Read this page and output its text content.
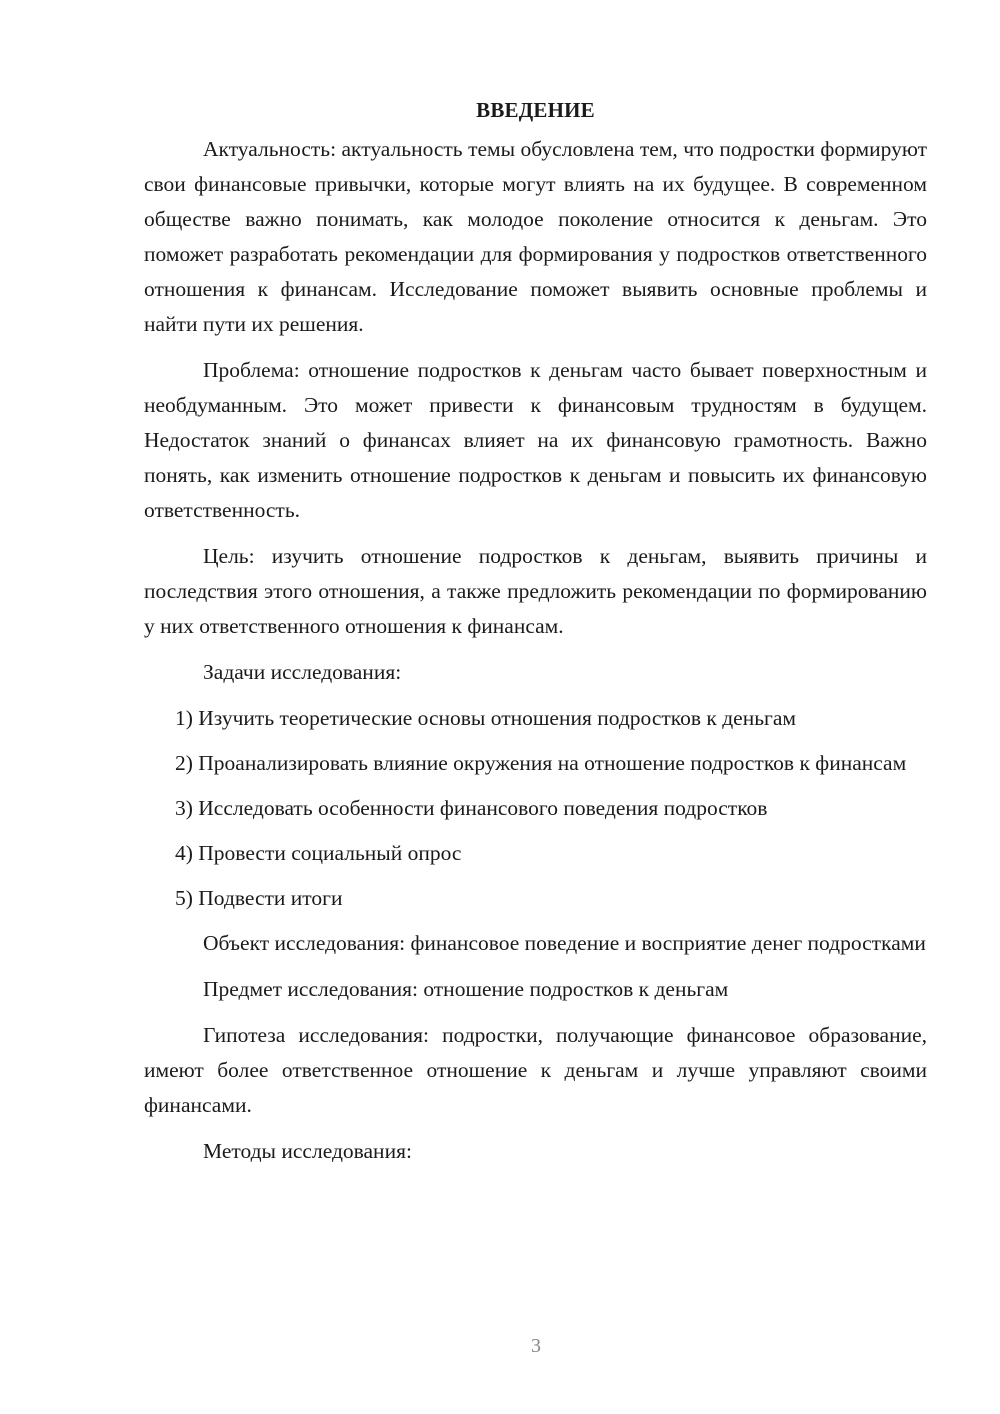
ВВЕДЕНИЕ

Актуальность: актуальность темы обусловлена тем, что подростки формируют свои финансовые привычки, которые могут влиять на их будущее. В современном обществе важно понимать, как молодое поколение относится к деньгам. Это поможет разработать рекомендации для формирования у подростков ответственного отношения к финансам. Исследование поможет выявить основные проблемы и найти пути их решения.

Проблема: отношение подростков к деньгам часто бывает поверхностным и необдуманным. Это может привести к финансовым трудностям в будущем. Недостаток знаний о финансах влияет на их финансовую грамотность. Важно понять, как изменить отношение подростков к деньгам и повысить их финансовую ответственность.

Цель: изучить отношение подростков к деньгам, выявить причины и последствия этого отношения, а также предложить рекомендации по формированию у них ответственного отношения к финансам.

Задачи исследования:

1) Изучить теоретические основы отношения подростков к деньгам

2) Проанализировать влияние окружения на отношение подростков к финансам

3) Исследовать особенности финансового поведения подростков

4) Провести социальный опрос

5) Подвести итоги

Объект исследования: финансовое поведение и восприятие денег подростками

Предмет исследования: отношение подростков к деньгам

Гипотеза исследования: подростки, получающие финансовое образование, имеют более ответственное отношение к деньгам и лучше управляют своими финансами.

Методы исследования:

3
